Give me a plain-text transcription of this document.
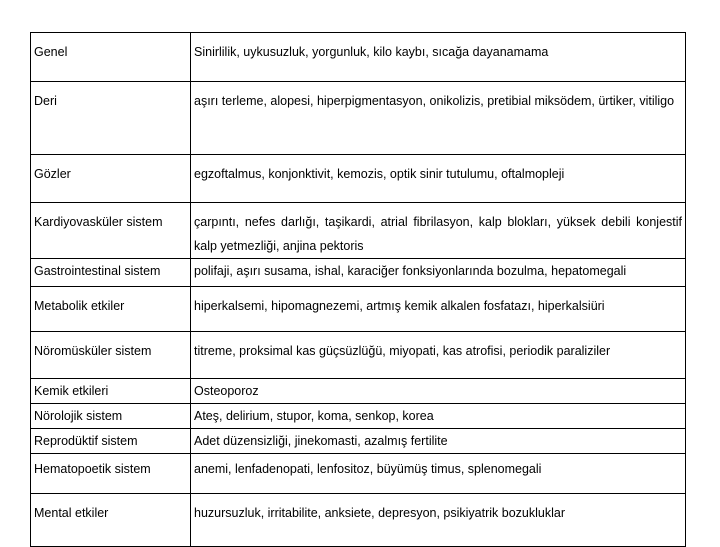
Genel	Sinirlilik, uykusuzluk, yorgunluk, kilo kaybı, sıcağa dayanamama
Deri	aşırı terleme, alopesi, hiperpigmentasyon, onikolizis, pretibial miksödem, ürtiker, vitiligo
Gözler	egzoftalmus, konjonktivit, kemozis, optik sinir tutulumu, oftalmopleji
Kardiyovasküler sistem	çarpıntı, nefes darlığı, taşikardi, atrial fibrilasyon, kalp blokları, yüksek debili konjestif kalp yetmezliği, anjina pektoris
Gastrointestinal sistem	polifaji, aşırı susama, ishal, karaciğer fonksiyonlarında bozulma, hepatomegali
Metabolik etkiler	hiperkalsemi, hipomagnezemi, artmış kemik alkalen fosfatazı, hiperkalsiüri
Nöromüsküler sistem	titreme, proksimal kas güçsüzlüğü, miyopati, kas atrofisi, periodik paraliziler
Kemik etkileri	Osteoporoz
Nörolojik sistem	Ateş, delirium, stupor, koma, senkop, korea
Reprodüktif sistem	Adet düzensizliği, jinekomasti, azalmış fertilite
Hematopoetik sistem	anemi, lenfadenopati, lenfositoz, büyümüş timus, splenomegali
Mental etkiler	huzursuzluk, irritabilite, anksiete, depresyon, psikiyatrik bozukluklar
